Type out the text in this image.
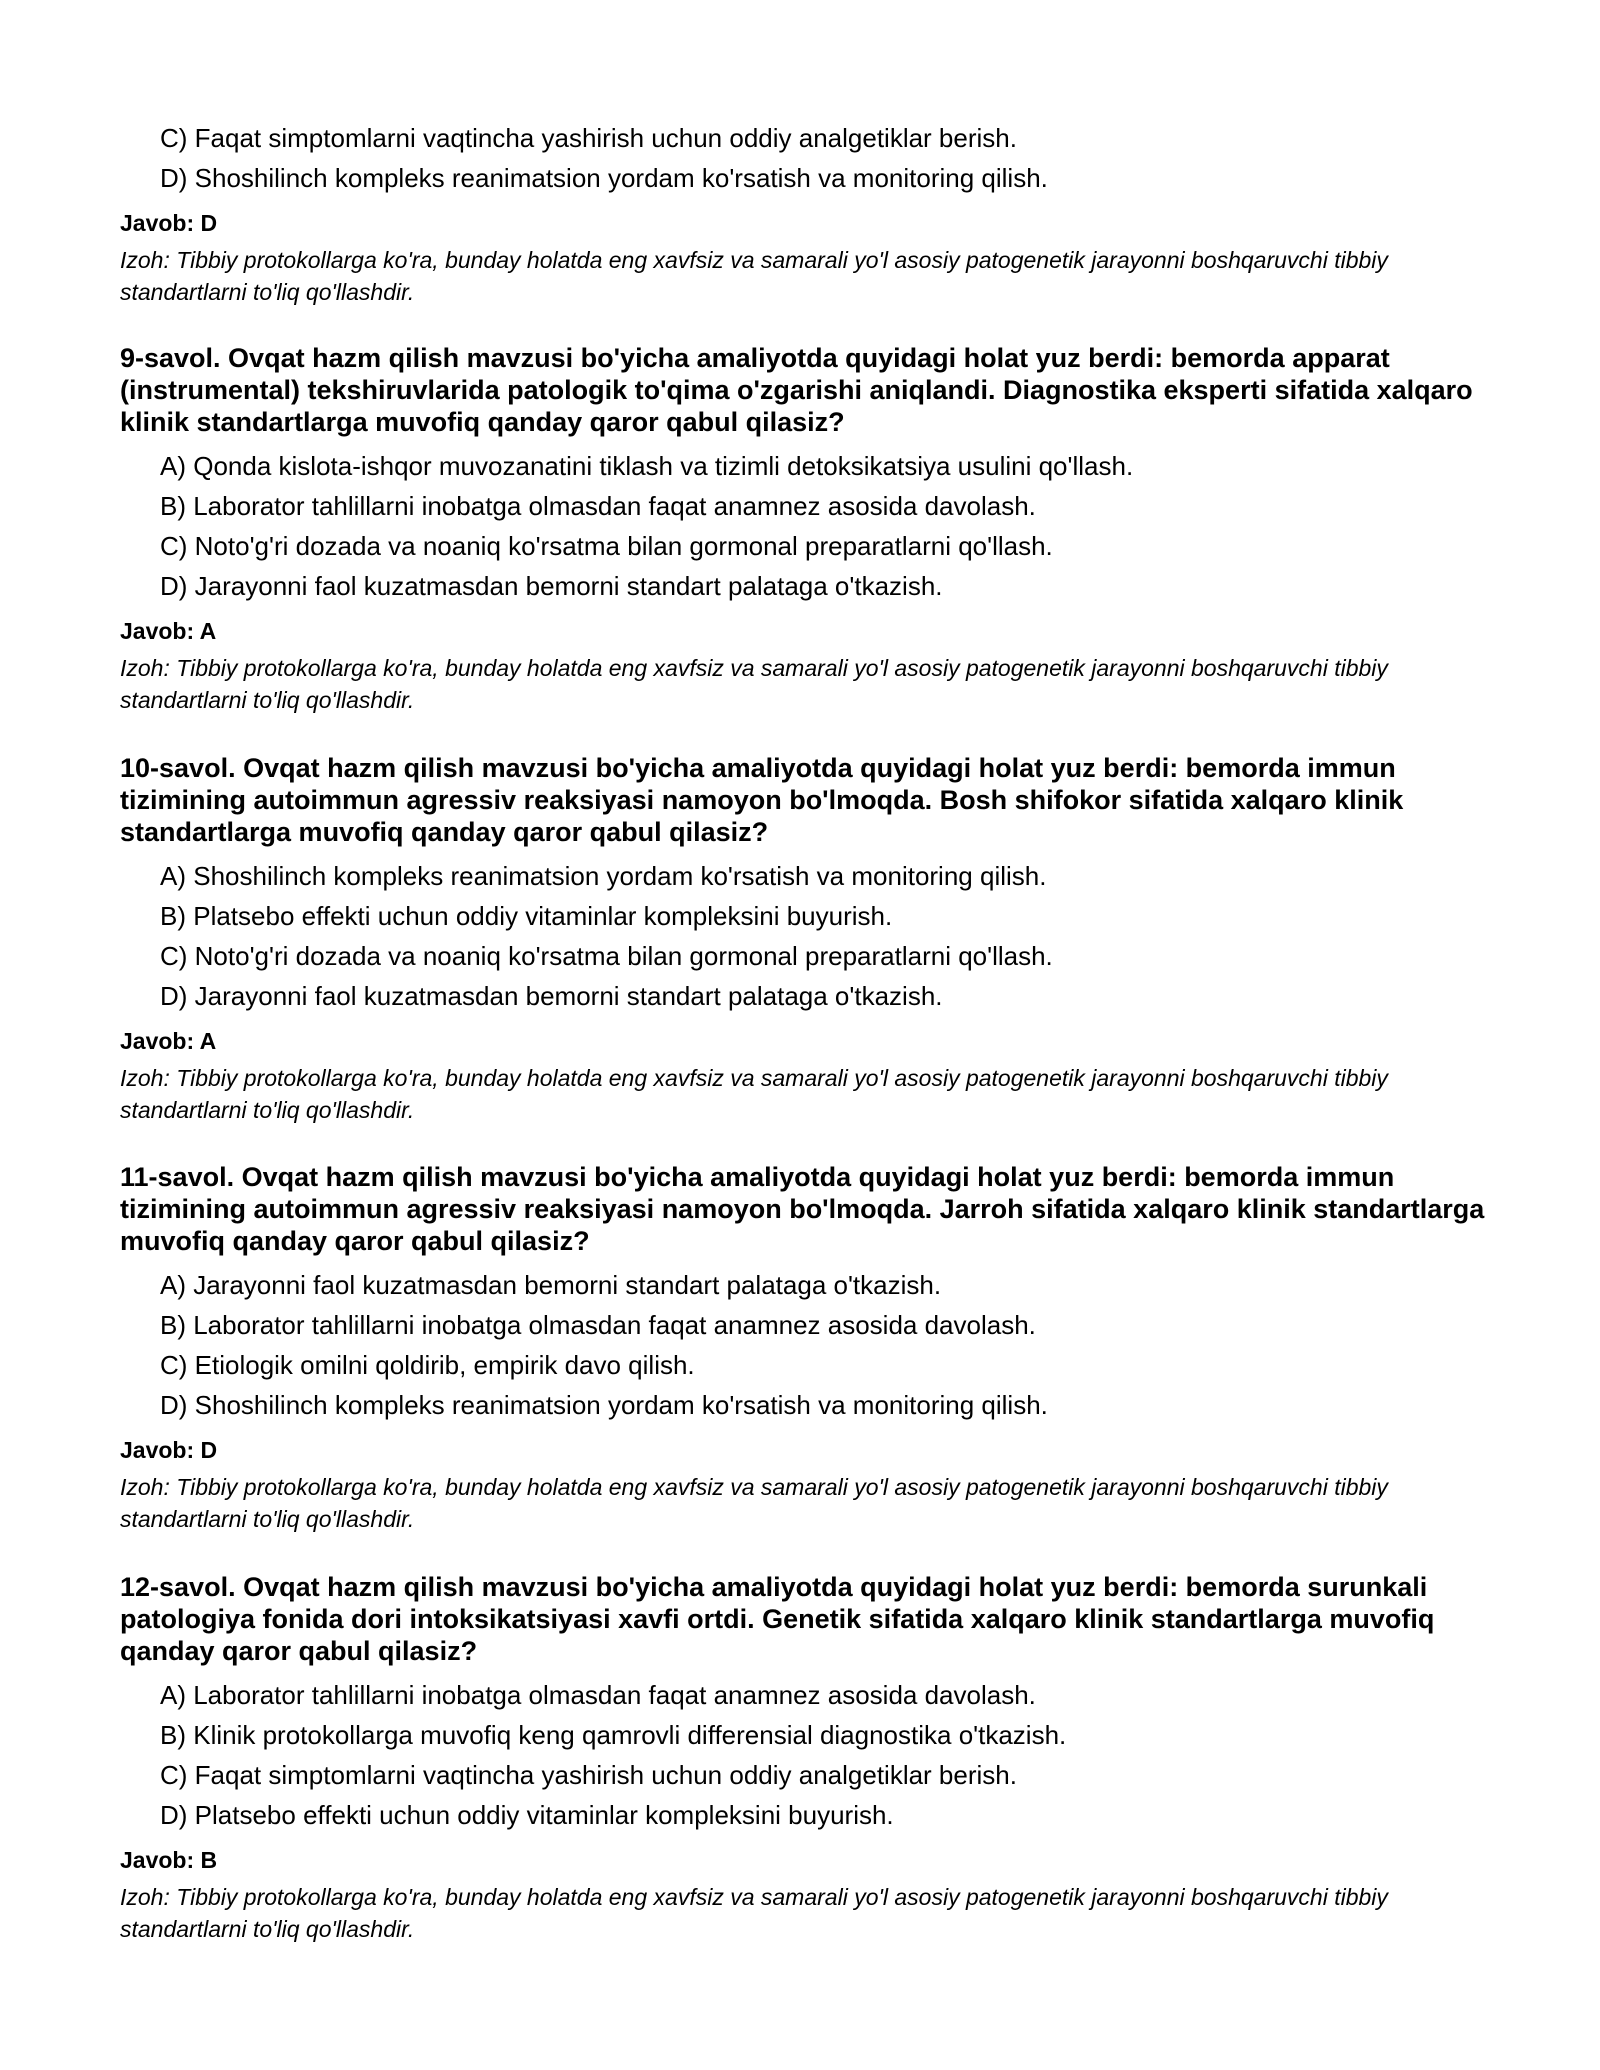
C) Faqat simptomlarni vaqtincha yashirish uchun oddiy analgetiklar berish.
D) Shoshilinch kompleks reanimatsion yordam ko'rsatish va monitoring qilish.
Javob: D
Izoh: Tibbiy protokollarga ko'ra, bunday holatda eng xavfsiz va samarali yo'l asosiy patogenetik jarayonni boshqaruvchi tibbiy standartlarni to'liq qo'llashdir.

9-savol. Ovqat hazm qilish mavzusi bo'yicha amaliyotda quyidagi holat yuz berdi: bemorda apparat (instrumental) tekshiruvlarida patologik to'qima o'zgarishi aniqlandi. Diagnostika eksperti sifatida xalqaro klinik standartlarga muvofiq qanday qaror qabul qilasiz?

A) Qonda kislota-ishqor muvozanatini tiklash va tizimli detoksikatsiya usulini qo'llash.
B) Laborator tahlillarni inobatga olmasdan faqat anamnez asosida davolash.
C) Noto'g'ri dozada va noaniq ko'rsatma bilan gormonal preparatlarni qo'llash.
D) Jarayonni faol kuzatmasdan bemorni standart palataga o'tkazish.
Javob: A
Izoh: Tibbiy protokollarga ko'ra, bunday holatda eng xavfsiz va samarali yo'l asosiy patogenetik jarayonni boshqaruvchi tibbiy standartlarni to'liq qo'llashdir.

10-savol. Ovqat hazm qilish mavzusi bo'yicha amaliyotda quyidagi holat yuz berdi: bemorda immun tizimining autoimmun agressiv reaksiyasi namoyon bo'lmoqda. Bosh shifokor sifatida xalqaro klinik standartlarga muvofiq qanday qaror qabul qilasiz?

A) Shoshilinch kompleks reanimatsion yordam ko'rsatish va monitoring qilish.
B) Platsebo effekti uchun oddiy vitaminlar kompleksini buyurish.
C) Noto'g'ri dozada va noaniq ko'rsatma bilan gormonal preparatlarni qo'llash.
D) Jarayonni faol kuzatmasdan bemorni standart palataga o'tkazish.
Javob: A
Izoh: Tibbiy protokollarga ko'ra, bunday holatda eng xavfsiz va samarali yo'l asosiy patogenetik jarayonni boshqaruvchi tibbiy standartlarni to'liq qo'llashdir.

11-savol. Ovqat hazm qilish mavzusi bo'yicha amaliyotda quyidagi holat yuz berdi: bemorda immun tizimining autoimmun agressiv reaksiyasi namoyon bo'lmoqda. Jarroh sifatida xalqaro klinik standartlarga muvofiq qanday qaror qabul qilasiz?

A) Jarayonni faol kuzatmasdan bemorni standart palataga o'tkazish.
B) Laborator tahlillarni inobatga olmasdan faqat anamnez asosida davolash.
C) Etiologik omilni qoldirib, empirik davo qilish.
D) Shoshilinch kompleks reanimatsion yordam ko'rsatish va monitoring qilish.
Javob: D
Izoh: Tibbiy protokollarga ko'ra, bunday holatda eng xavfsiz va samarali yo'l asosiy patogenetik jarayonni boshqaruvchi tibbiy standartlarni to'liq qo'llashdir.

12-savol. Ovqat hazm qilish mavzusi bo'yicha amaliyotda quyidagi holat yuz berdi: bemorda surunkali patologiya fonida dori intoksikatsiyasi xavfi ortdi. Genetik sifatida xalqaro klinik standartlarga muvofiq qanday qaror qabul qilasiz?

A) Laborator tahlillarni inobatga olmasdan faqat anamnez asosida davolash.
B) Klinik protokollarga muvofiq keng qamrovli differensial diagnostika o'tkazish.
C) Faqat simptomlarni vaqtincha yashirish uchun oddiy analgetiklar berish.
D) Platsebo effekti uchun oddiy vitaminlar kompleksini buyurish.
Javob: B
Izoh: Tibbiy protokollarga ko'ra, bunday holatda eng xavfsiz va samarali yo'l asosiy patogenetik jarayonni boshqaruvchi tibbiy standartlarni to'liq qo'llashdir.
